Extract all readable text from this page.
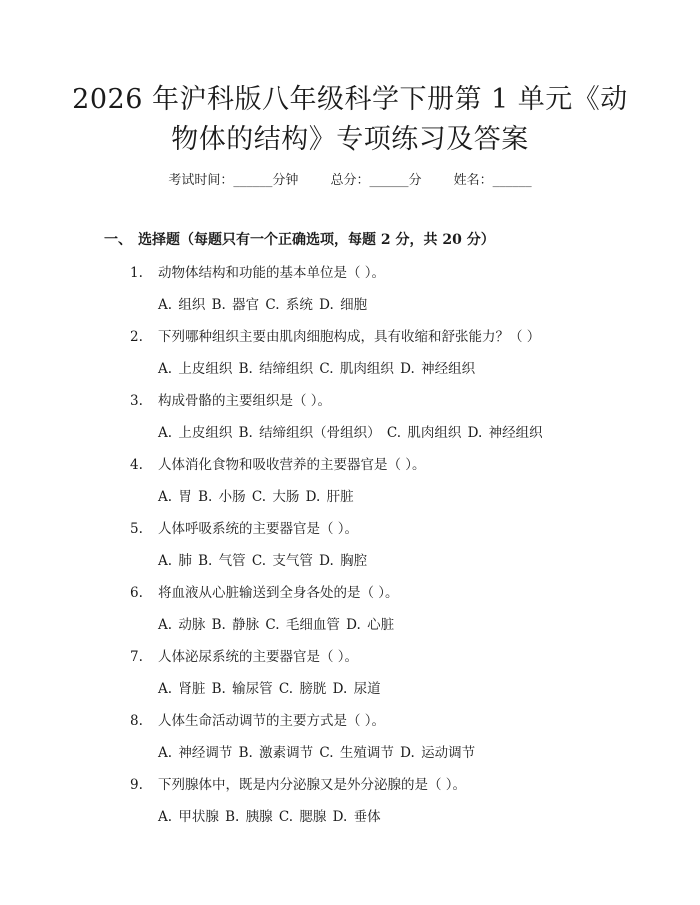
2026 年沪科版八年级科学下册第 1 单元《动
物体的结构》专项练习及答案
考试时间：______分钟 总分：______分 姓名：______
一、 选择题（每题只有一个正确选项，每题 2 分，共 20 分）
1. 动物体结构和功能的基本单位是（ ）。
A. 组织 B. 器官 C. 系统 D. 细胞
2. 下列哪种组织主要由肌肉细胞构成，具有收缩和舒张能力？（ ）
A. 上皮组织 B. 结缔组织 C. 肌肉组织 D. 神经组织
3. 构成骨骼的主要组织是（ ）。
A. 上皮组织 B. 结缔组织（骨组织） C. 肌肉组织 D. 神经组织
4. 人体消化食物和吸收营养的主要器官是（ ）。
A. 胃 B. 小肠 C. 大肠 D. 肝脏
5. 人体呼吸系统的主要器官是（ ）。
A. 肺 B. 气管 C. 支气管 D. 胸腔
6. 将血液从心脏输送到全身各处的是（ ）。
A. 动脉 B. 静脉 C. 毛细血管 D. 心脏
7. 人体泌尿系统的主要器官是（ ）。
A. 肾脏 B. 输尿管 C. 膀胱 D. 尿道
8. 人体生命活动调节的主要方式是（ ）。
A. 神经调节 B. 激素调节 C. 生殖调节 D. 运动调节
9. 下列腺体中，既是内分泌腺又是外分泌腺的是（ ）。
A. 甲状腺 B. 胰腺 C. 腮腺 D. 垂体
